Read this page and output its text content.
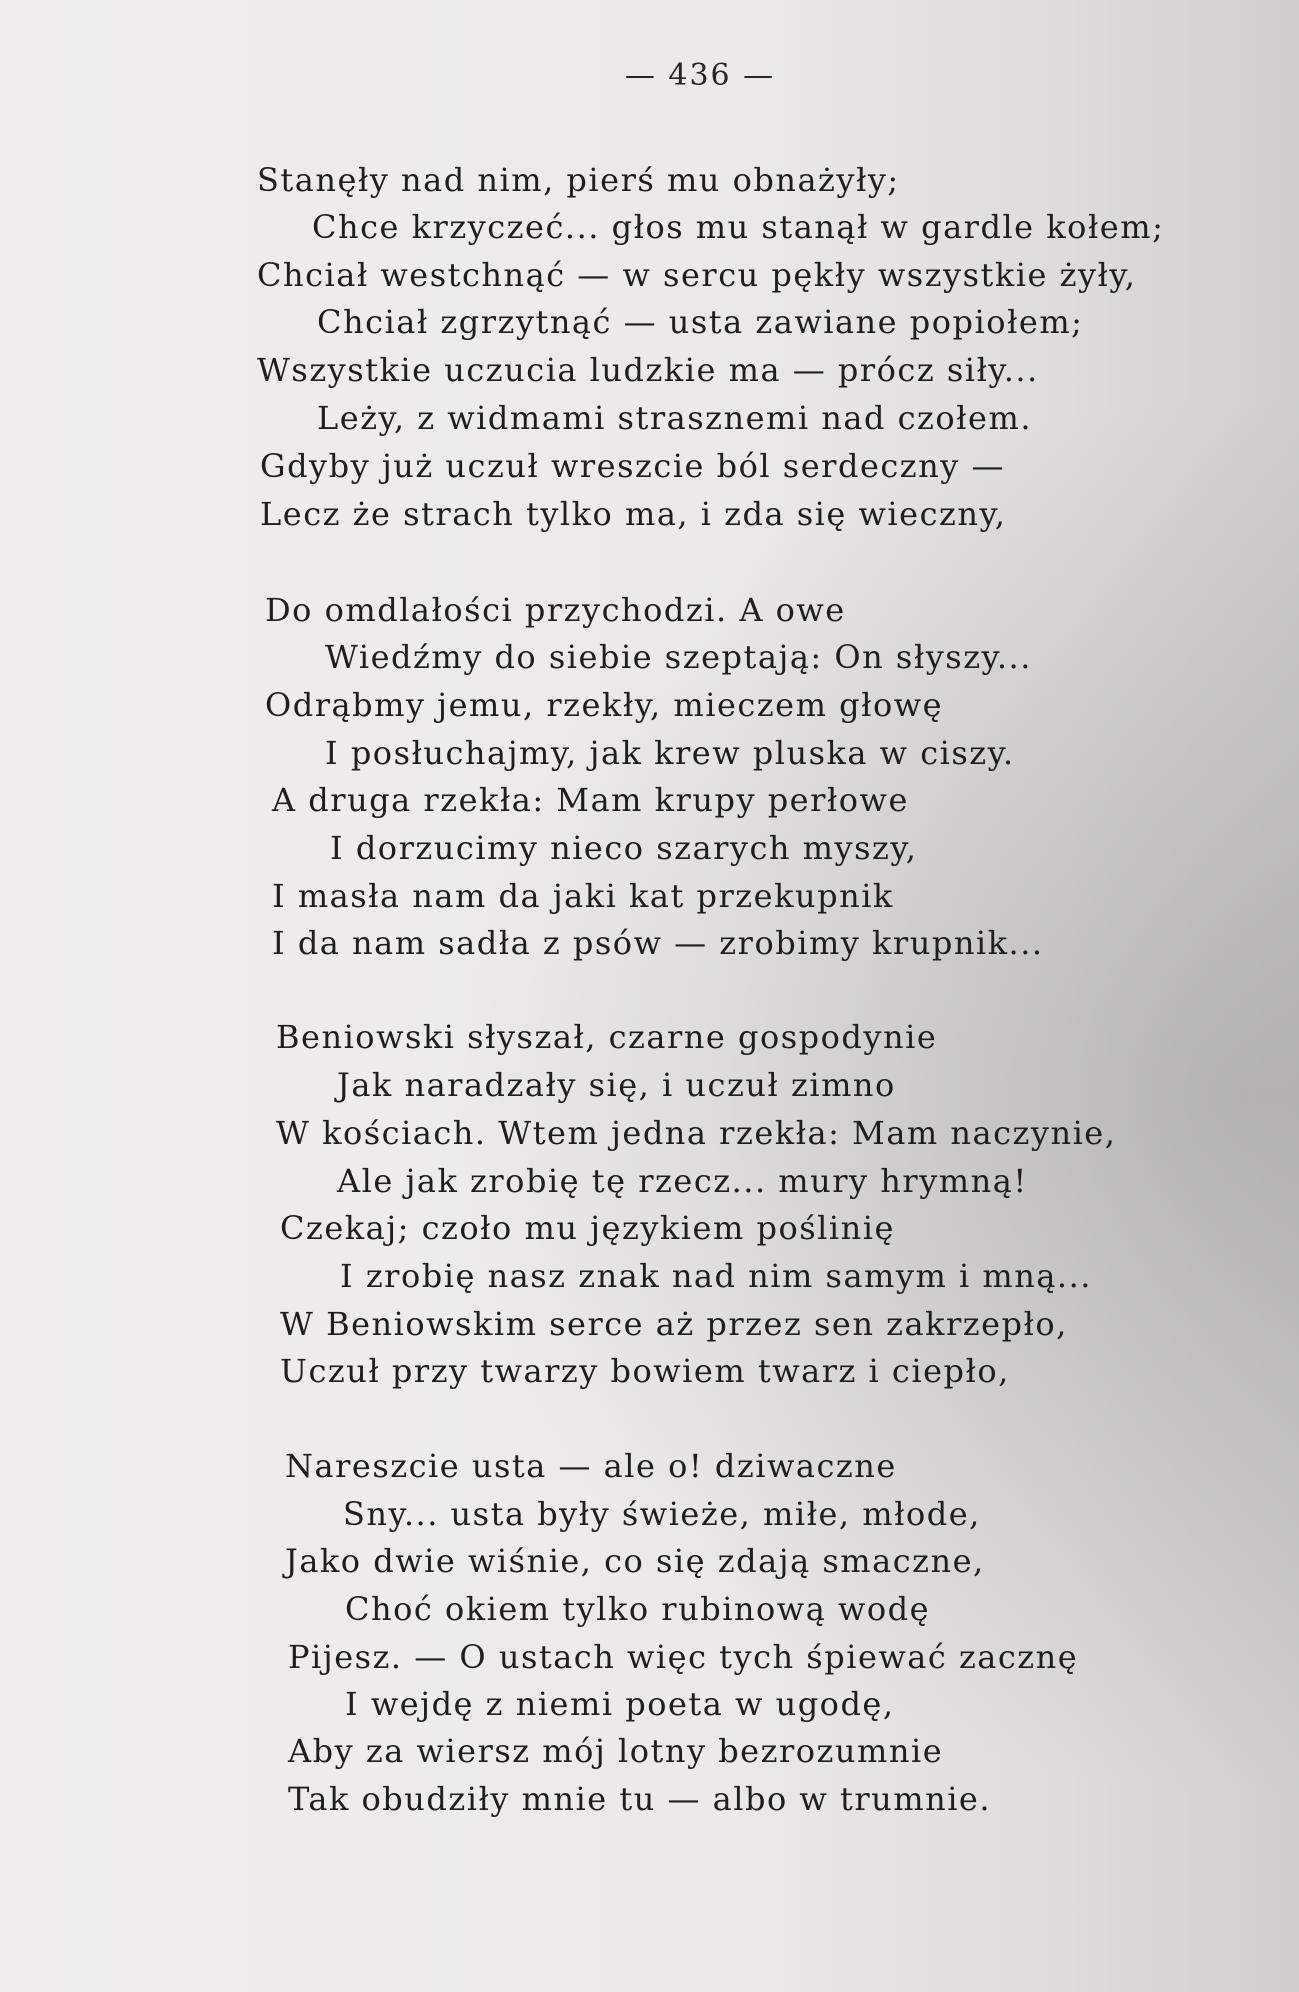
— 436 —
Stanęły nad nim, pierś mu obnażyły;
Chce krzyczeć... głos mu stanął w gardle kołem;
Chciał westchnąć — w sercu pękły wszystkie żyły,
Chciał zgrzytnąć — usta zawiane popiołem;
Wszystkie uczucia ludzkie ma — prócz siły...
Leży, z widmami strasznemi nad czołem.
Gdyby już uczuł wreszcie ból serdeczny —
Lecz że strach tylko ma, i zda się wieczny,
Do omdlałości przychodzi. A owe
Wiedźmy do siebie szeptają: On słyszy...
Odrąbmy jemu, rzekły, mieczem głowę
I posłuchajmy, jak krew pluska w ciszy.
A druga rzekła: Mam krupy perłowe
I dorzucimy nieco szarych myszy,
I masła nam da jaki kat przekupnik
I da nam sadła z psów — zrobimy krupnik...
Beniowski słyszał, czarne gospodynie
Jak naradzały się, i uczuł zimno
W kościach. Wtem jedna rzekła: Mam naczynie,
Ale jak zrobię tę rzecz... mury hrymną!
Czekaj; czoło mu językiem poślinię
I zrobię nasz znak nad nim samym i mną...
W Beniowskim serce aż przez sen zakrzepło,
Uczuł przy twarzy bowiem twarz i ciepło,
Nareszcie usta — ale o! dziwaczne
Sny... usta były świeże, miłe, młode,
Jako dwie wiśnie, co się zdają smaczne,
Choć okiem tylko rubinową wodę
Pijesz. — O ustach więc tych śpiewać zacznę
I wejdę z niemi poeta w ugodę,
Aby za wiersz mój lotny bezrozumnie
Tak obudziły mnie tu — albo w trumnie.
